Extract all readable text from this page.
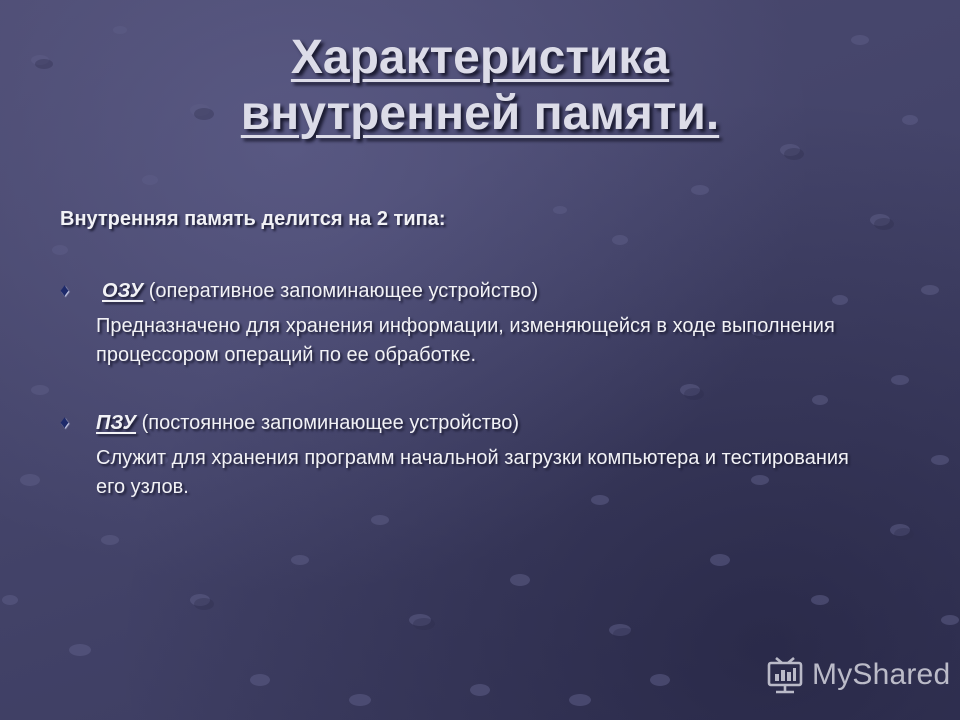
Характеристика
внутренней памяти.
Внутренняя память делится на 2 типа:
♦	ОЗУ (оперативное запоминающее устройство)
Предназначено для хранения информации, изменяющейся в ходе выполнения процессором операций по ее обработке.
♦	ПЗУ (постоянное запоминающее устройство)
Служит для хранения программ начальной загрузки компьютера и тестирования его узлов.
MyShared
